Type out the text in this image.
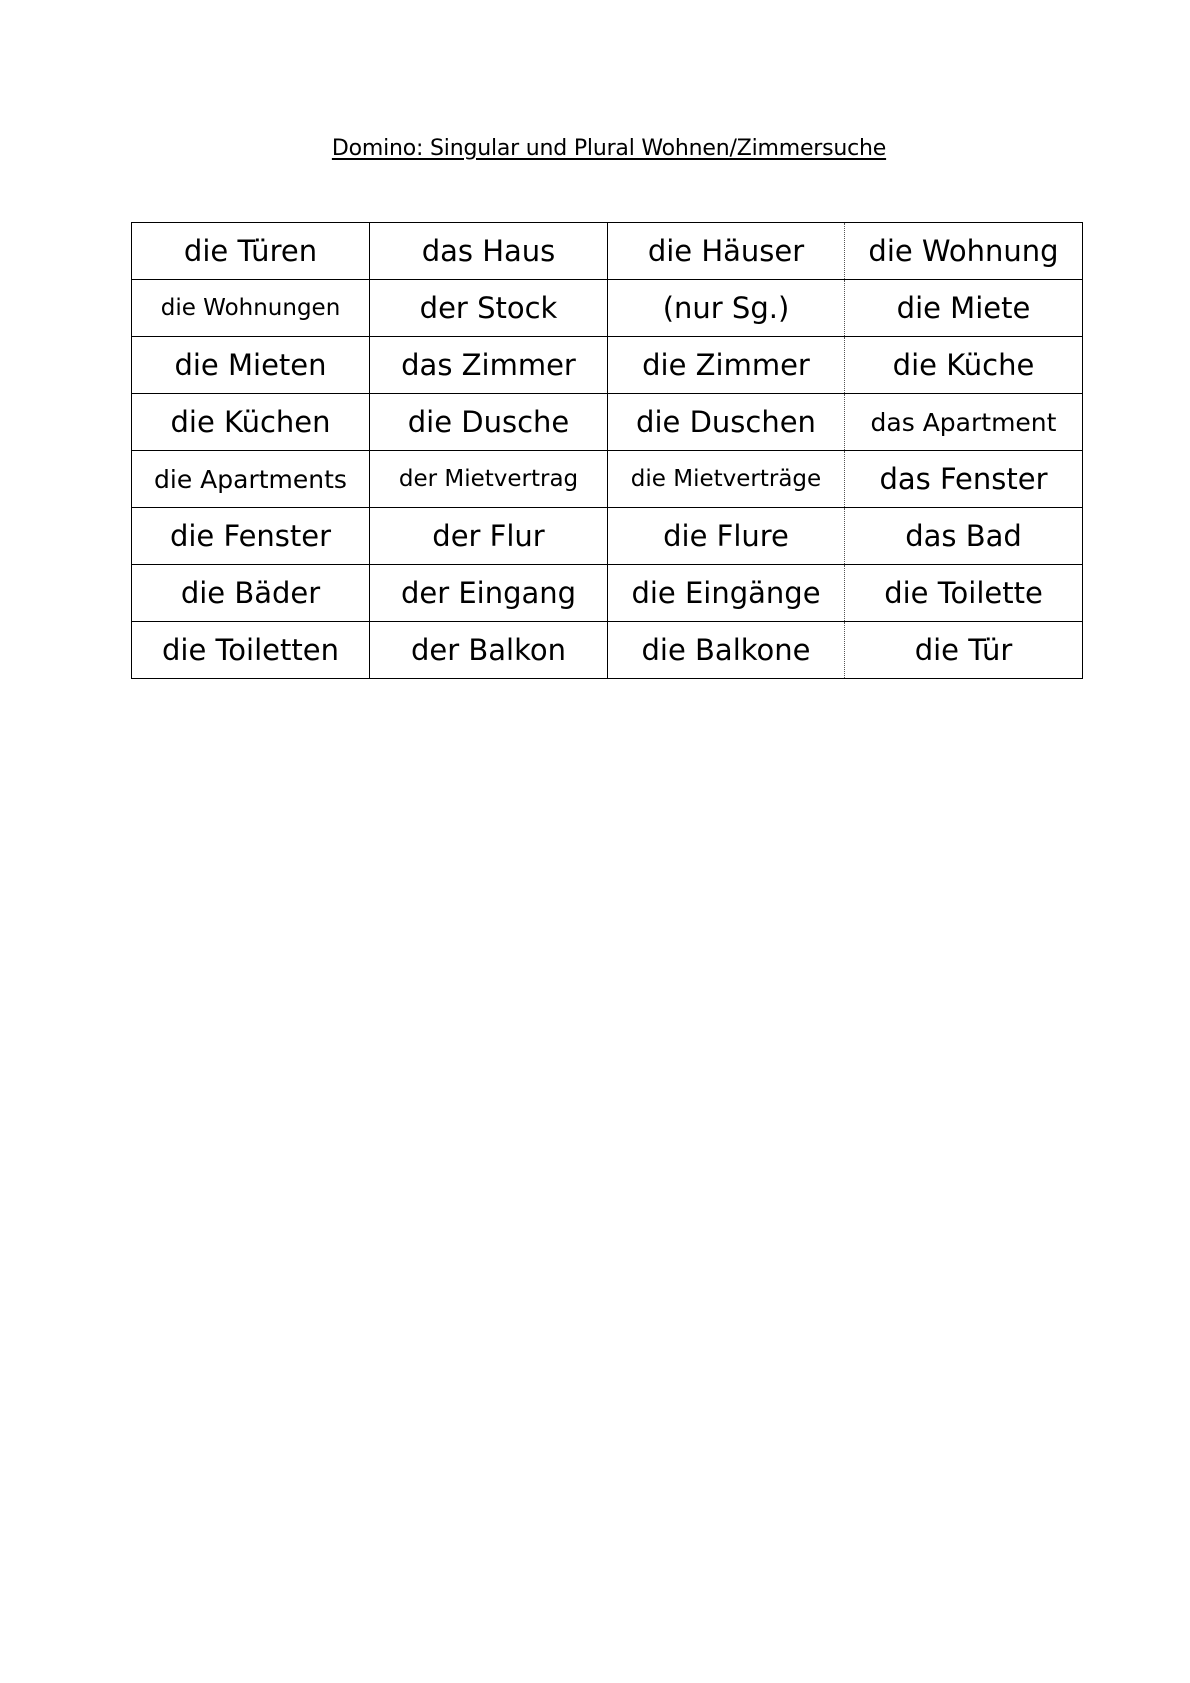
Domino: Singular und Plural Wohnen/Zimmersuche
die Türen	das Haus	die Häuser	die Wohnung
die Wohnungen	der Stock	(nur Sg.)	die Miete
die Mieten	das Zimmer	die Zimmer	die Küche
die Küchen	die Dusche	die Duschen	das Apartment
die Apartments	der Mietvertrag	die Mietverträge	das Fenster
die Fenster	der Flur	die Flure	das Bad
die Bäder	der Eingang	die Eingänge	die Toilette
die Toiletten	der Balkon	die Balkone	die Tür
